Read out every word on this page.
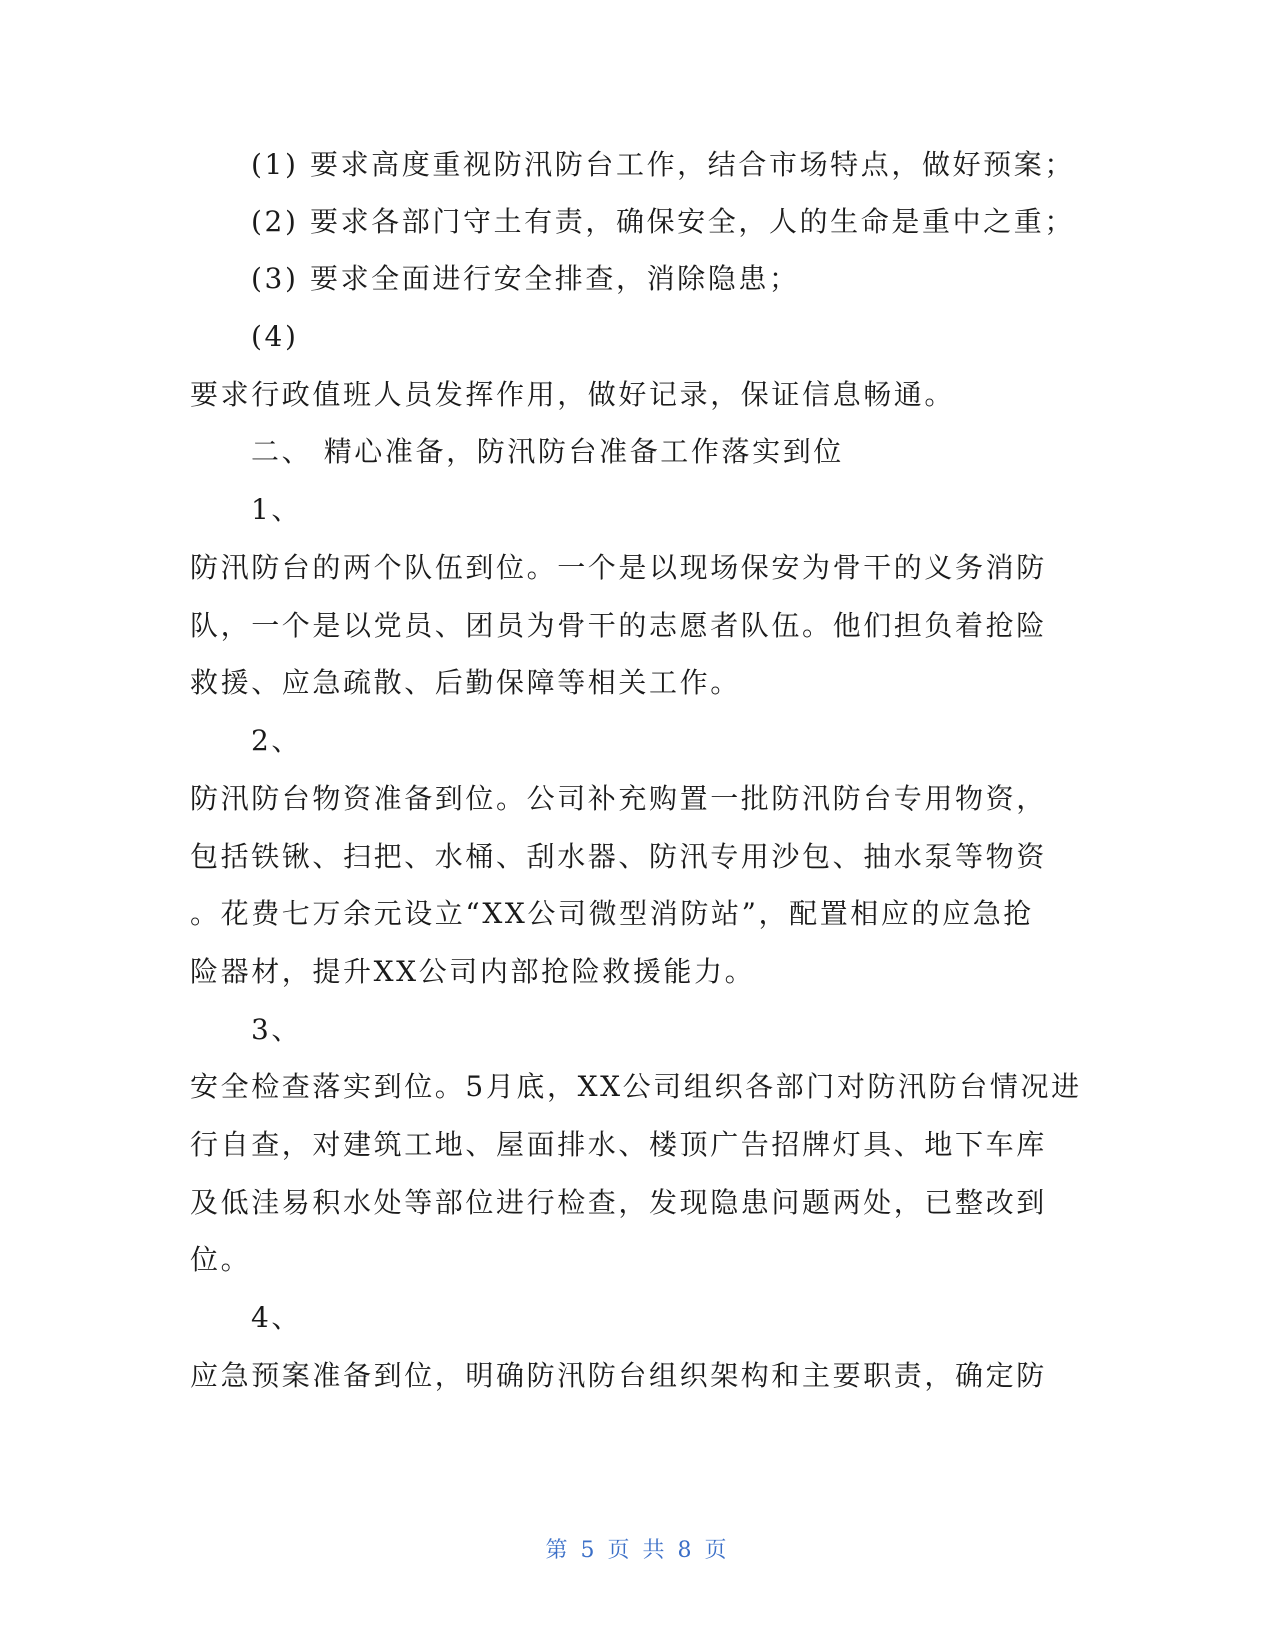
(1) 要求高度重视防汛防台工作，结合市场特点，做好预案；
(2) 要求各部门守土有责，确保安全，人的生命是重中之重；
(3) 要求全面进行安全排查，消除隐患；
(4)
要求行政值班人员发挥作用，做好记录，保证信息畅通。
二、 精心准备，防汛防台准备工作落实到位
1、
防汛防台的两个队伍到位。一个是以现场保安为骨干的义务消防
队，一个是以党员、团员为骨干的志愿者队伍。他们担负着抢险
救援、应急疏散、后勤保障等相关工作。
2、
防汛防台物资准备到位。公司补充购置一批防汛防台专用物资，
包括铁锹、扫把、水桶、刮水器、防汛专用沙包、抽水泵等物资
。花费七万余元设立“XX公司微型消防站”，配置相应的应急抢
险器材，提升XX公司内部抢险救援能力。
3、
安全检查落实到位。5月底，XX公司组织各部门对防汛防台情况进
行自查，对建筑工地、屋面排水、楼顶广告招牌灯具、地下车库
及低洼易积水处等部位进行检查，发现隐患问题两处，已整改到
位。
4、
应急预案准备到位，明确防汛防台组织架构和主要职责，确定防
第 5 页 共 8 页
